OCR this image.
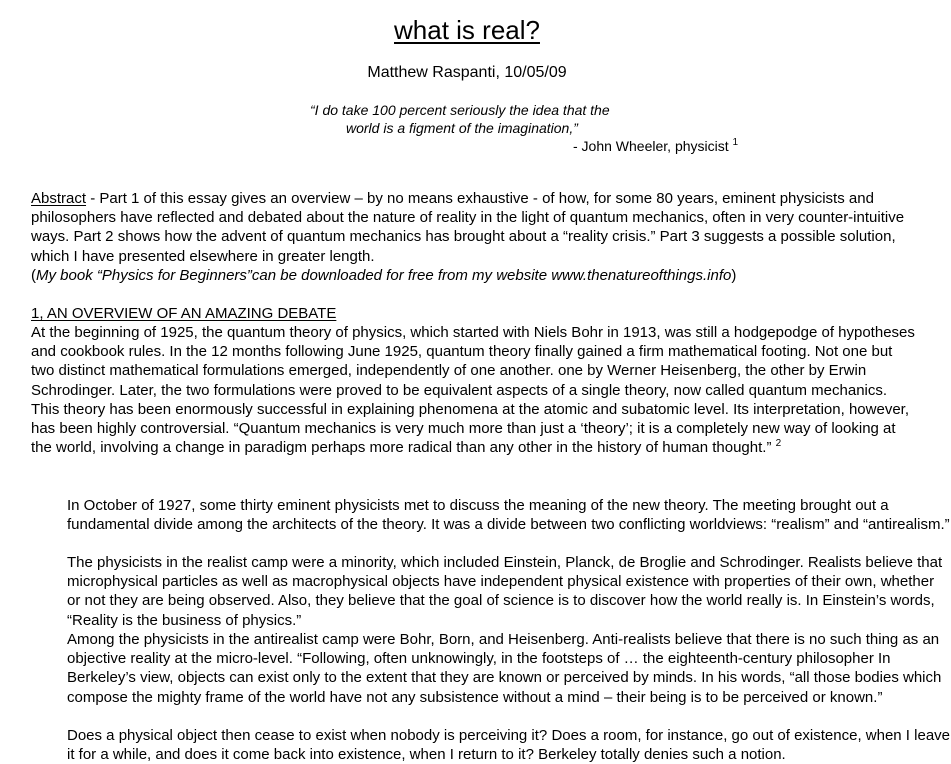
what is real?
Matthew Raspanti, 10/05/09
“I do take 100 percent seriously the idea that the
world is a figment of the imagination,”
- John Wheeler, physicist $^1$
Abstract - Part 1 of this essay gives an overview – by no means exhaustive - of how, for some 80 years, eminent physicists and philosophers have reflected and debated about the nature of reality in the light of quantum mechanics, often in very counter-intuitive ways. Part 2 shows how the advent of quantum mechanics has brought about a “reality crisis.” Part 3 suggests a possible solution, which I have presented elsewhere in greater length.
(My book “Physics for Beginners”can be downloaded for free from my website www.thenatureofthings.info)
1, AN OVERVIEW OF AN AMAZING DEBATE
At the beginning of 1925, the quantum theory of physics, which started with Niels Bohr in 1913, was still a hodgepodge of hypotheses and cookbook rules. In the 12 months following June 1925, quantum theory finally gained a firm mathematical footing. Not one but two distinct mathematical formulations emerged, independently of one another. one by Werner Heisenberg, the other by Erwin Schrodinger. Later, the two formulations were proved to be equivalent aspects of a single theory, now called quantum mechanics. This theory has been enormously successful in explaining phenomena at the atomic and subatomic level. Its interpretation, however, has been highly controversial. “Quantum mechanics is very much more than just a ‘theory’; it is a completely new way of looking at the world, involving a change in paradigm perhaps more radical than any other in the history of human thought.” $^2$
In October of 1927, some thirty eminent physicists met to discuss the meaning of the new theory. The meeting brought out a fundamental divide among the architects of the theory. It was a divide between two conflicting worldviews: “realism” and “antirealism.”
The physicists in the realist camp were a minority, which included Einstein, Planck, de Broglie and Schrodinger. Realists believe that microphysical particles as well as macrophysical objects have independent physical existence with properties of their own, whether or not they are being observed. Also, they believe that the goal of science is to discover how the world really is. In Einstein’s words, “Reality is the business of physics.”
Among the physicists in the antirealist camp were Bohr, Born, and Heisenberg. Anti-realists believe that there is no such thing as an objective reality at the micro-level. “Following, often unknowingly, in the footsteps of … the eighteenth-century philosopher In Berkeley’s view, objects can exist only to the extent that they are known or perceived by minds. In his words, “all those bodies which compose the mighty frame of the world have not any subsistence without a mind – their being is to be perceived or known.”
Does a physical object then cease to exist when nobody is perceiving it? Does a room, for instance, go out of existence, when I leave it for a while, and does it come back into existence, when I return to it? Berkeley totally denies such a notion.
